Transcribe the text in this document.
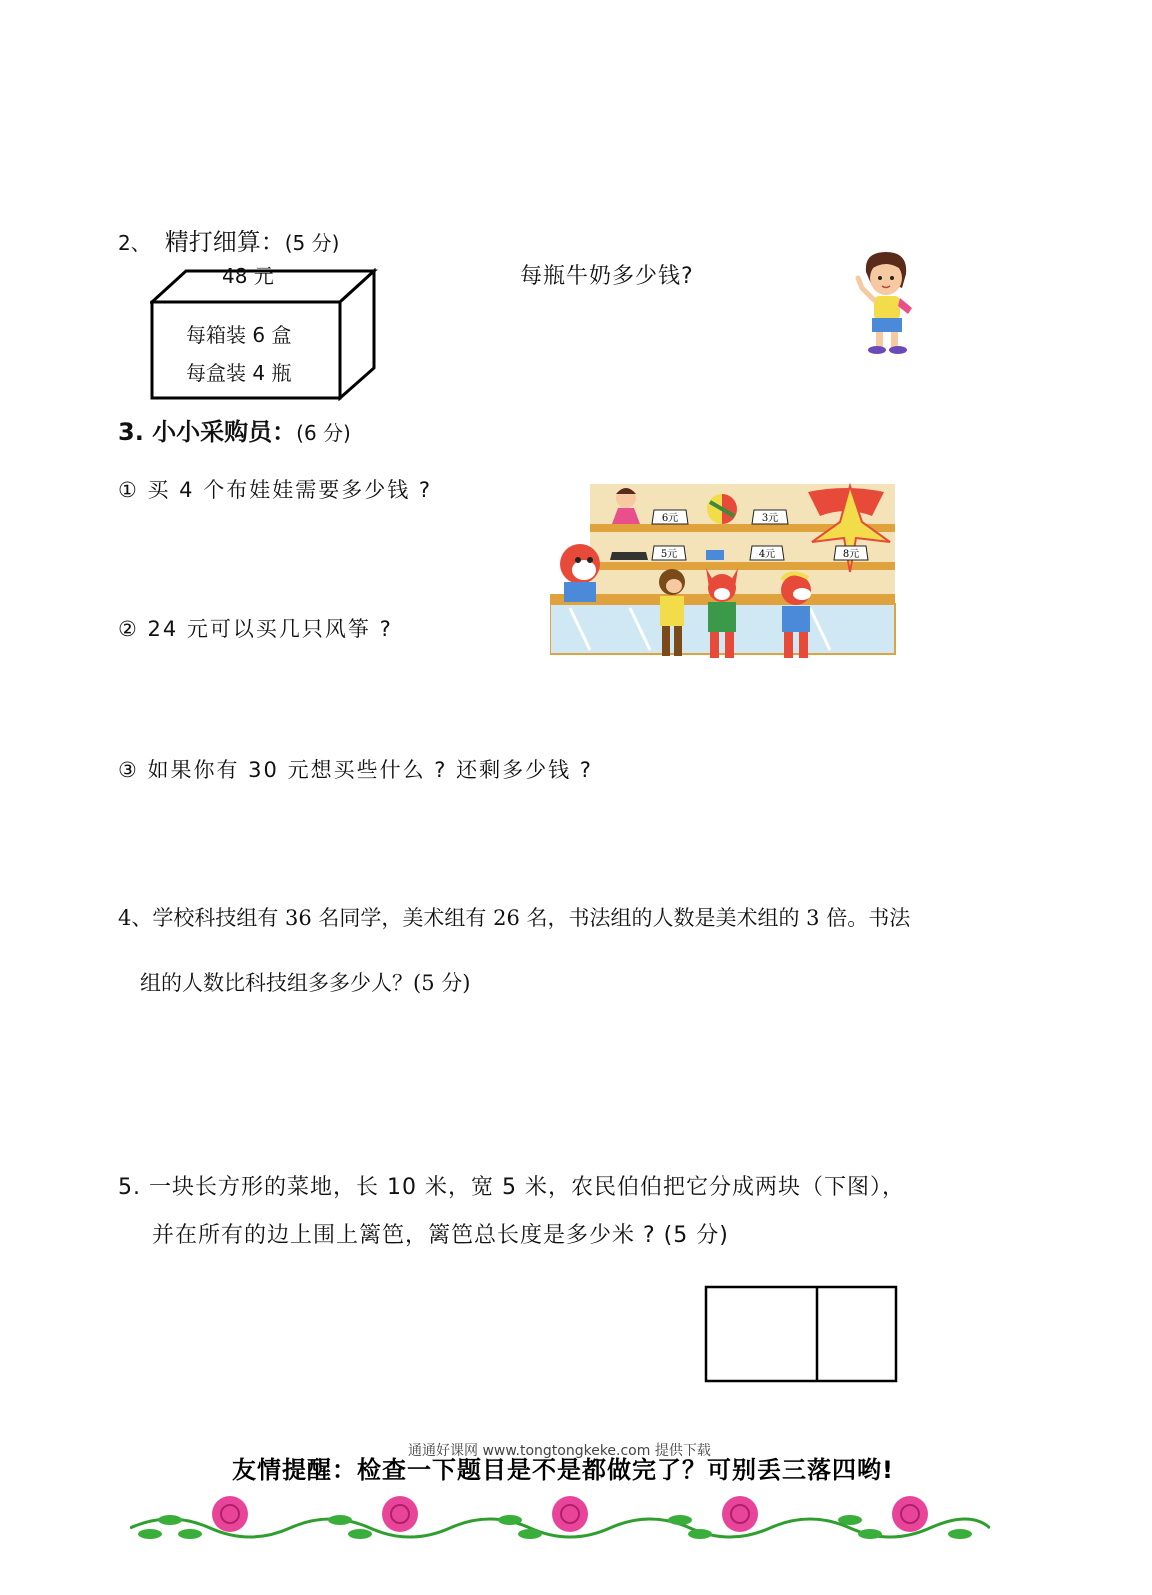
2、 精打细算：(5 分)
48 元
每箱装 6 盒
每盒装 4 瓶
每瓶牛奶多少钱?
3. 小小采购员：(6 分)
① 买 4 个布娃娃需要多少钱 ?
② 24 元可以买几只风筝 ?
③ 如果你有 30 元想买些什么 ? 还剩多少钱 ?
6元	3元
5元	4元	8元
4、学校科技组有 36 名同学，美术组有 26 名，书法组的人数是美术组的 3 倍。书法
组的人数比科技组多多少人？(5 分)
5. 一块长方形的菜地，长 10 米，宽 5 米，农民伯伯把它分成两块（下图），
并在所有的边上围上篱笆，篱笆总长度是多少米 ? (5 分)
通通好课网 www.tongtongkeke.com 提供下载
友情提醒：检查一下题目是不是都做完了？可别丢三落四哟!
